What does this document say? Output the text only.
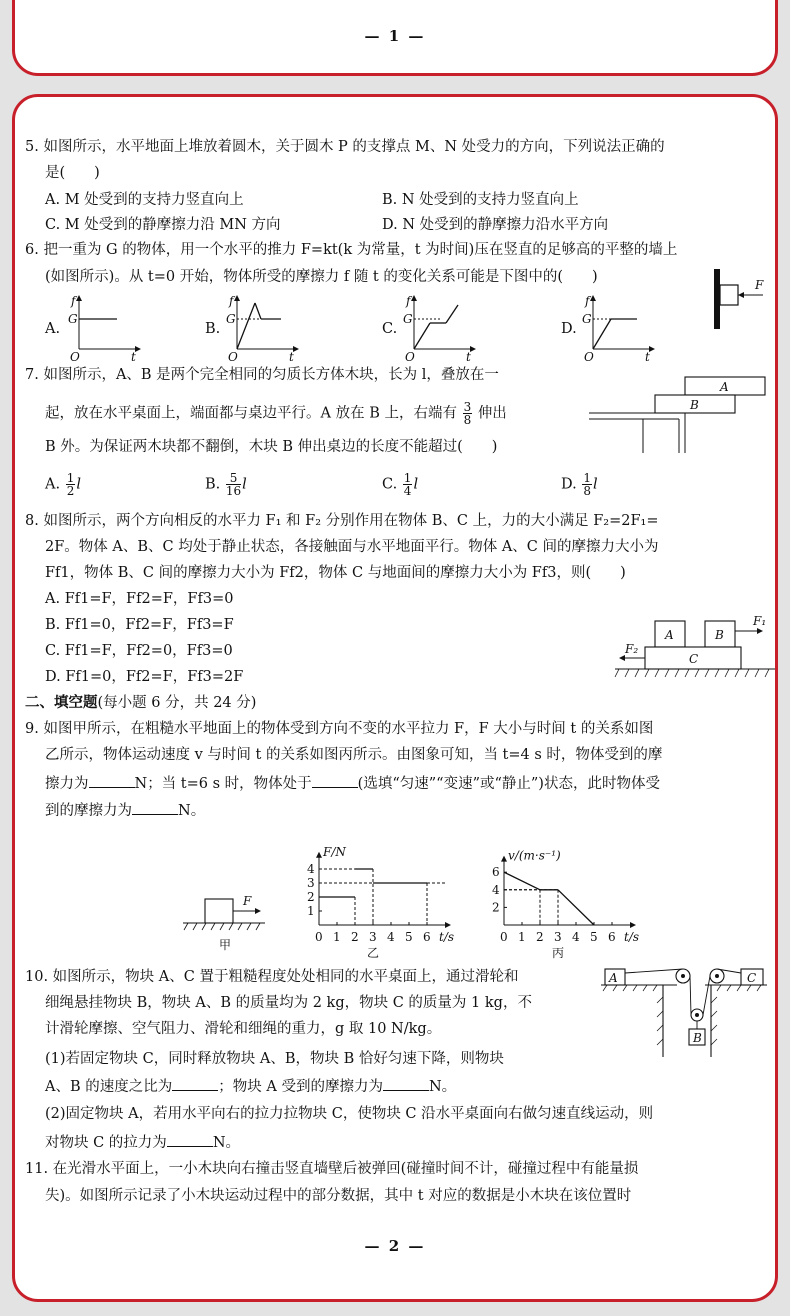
— 1 —
5. 如图所示，水平地面上堆放着圆木，关于圆木 P 的支撑点 M、N 处受力的方向，下列说法正确的
是(　　)
A. M 处受到的支持力竖直向上	B. N 处受到的支持力竖直向上
C. M 处受到的静摩擦力沿 MN 方向	D. N 处受到的静摩擦力沿水平方向
6. 把一重为 G 的物体，用一个水平的推力 F=kt(k 为常量，t 为时间)压在竖直的足够高的平整的墙上
(如图所示)。从 t=0 开始，物体所受的摩擦力 f 随 t 的变化关系可能是下图中的(　　)	F
A.
f
G
O	t
B.
f
G
O	t
C.
f
G
O	t
D.
f
G
O	t
7. 如图所示，A、B 是两个完全相同的匀质长方体木块，长为 l，叠放在一
起，放在水平桌面上，端面都与桌边平行。A 放在 B 上，右端有 $\frac{3}{8}$ 伸出
B 外。为保证两木块都不翻倒，木块 B 伸出桌边的长度不能超过(　　)
A
B
A. $\frac{1}{2}$ l	B. $\frac{5}{16}$ l	C. $\frac{1}{4}$ l	D. $\frac{1}{8}$ l
8. 如图所示，两个方向相反的水平力 F₁ 和 F₂ 分别作用在物体 B、C 上，力的大小满足 F₂=2F₁=
2F。物体 A、B、C 均处于静止状态，各接触面与水平地面平行。物体 A、C 间的摩擦力大小为
Ff1，物体 B、C 间的摩擦力大小为 Ff2，物体 C 与地面间的摩擦力大小为 Ff3，则(　　)
A. Ff1=F，Ff2=F，Ff3=0
B. Ff1=0，Ff2=F，Ff3=F
C. Ff1=F，Ff2=0，Ff3=0
D. Ff1=0，Ff2=F，Ff3=2F
A	B
C
F₁
F₂
二、填空题(每小题 6 分，共 24 分)
9. 如图甲所示，在粗糙水平地面上的物体受到方向不变的水平拉力 F，F 大小与时间 t 的关系如图
乙所示，物体运动速度 v 与时间 t 的关系如图丙所示。由图象可知，当 t=4 s 时，物体受到的摩
擦力为	N；当 t=6 s 时，物体处于	(选填“匀速”“变速”或“静止”)状态，此时物体受
到的摩擦力为	N。
F
甲
0 1 2 3 4 5 6 t/s
1
2
3
4
F/N
乙
0 1 2 3 4 5 6 t/s
2
4
6
v/(m·s⁻¹)
丙
10. 如图所示，物块 A、C 置于粗糙程度处处相同的水平桌面上，通过滑轮和
细绳悬挂物块 B，物块 A、B 的质量均为 2 kg，物块 C 的质量为 1 kg，不
计滑轮摩擦、空气阻力、滑轮和细绳的重力，g 取 10 N/kg。
(1)若固定物块 C，同时释放物块 A、B，物块 B 恰好匀速下降，则物块
A、B 的速度之比为	；物块 A 受到的摩擦力为	N。
(2)固定物块 A，若用水平向右的拉力拉物块 C，使物块 C 沿水平桌面向右做匀速直线运动，则
对物块 C 的拉力为	N。
A	C
B
11. 在光滑水平面上，一小木块向右撞击竖直墙壁后被弹回(碰撞时间不计，碰撞过程中有能量损
失)。如图所示记录了小木块运动过程中的部分数据，其中 t 对应的数据是小木块在该位置时
— 2 —
